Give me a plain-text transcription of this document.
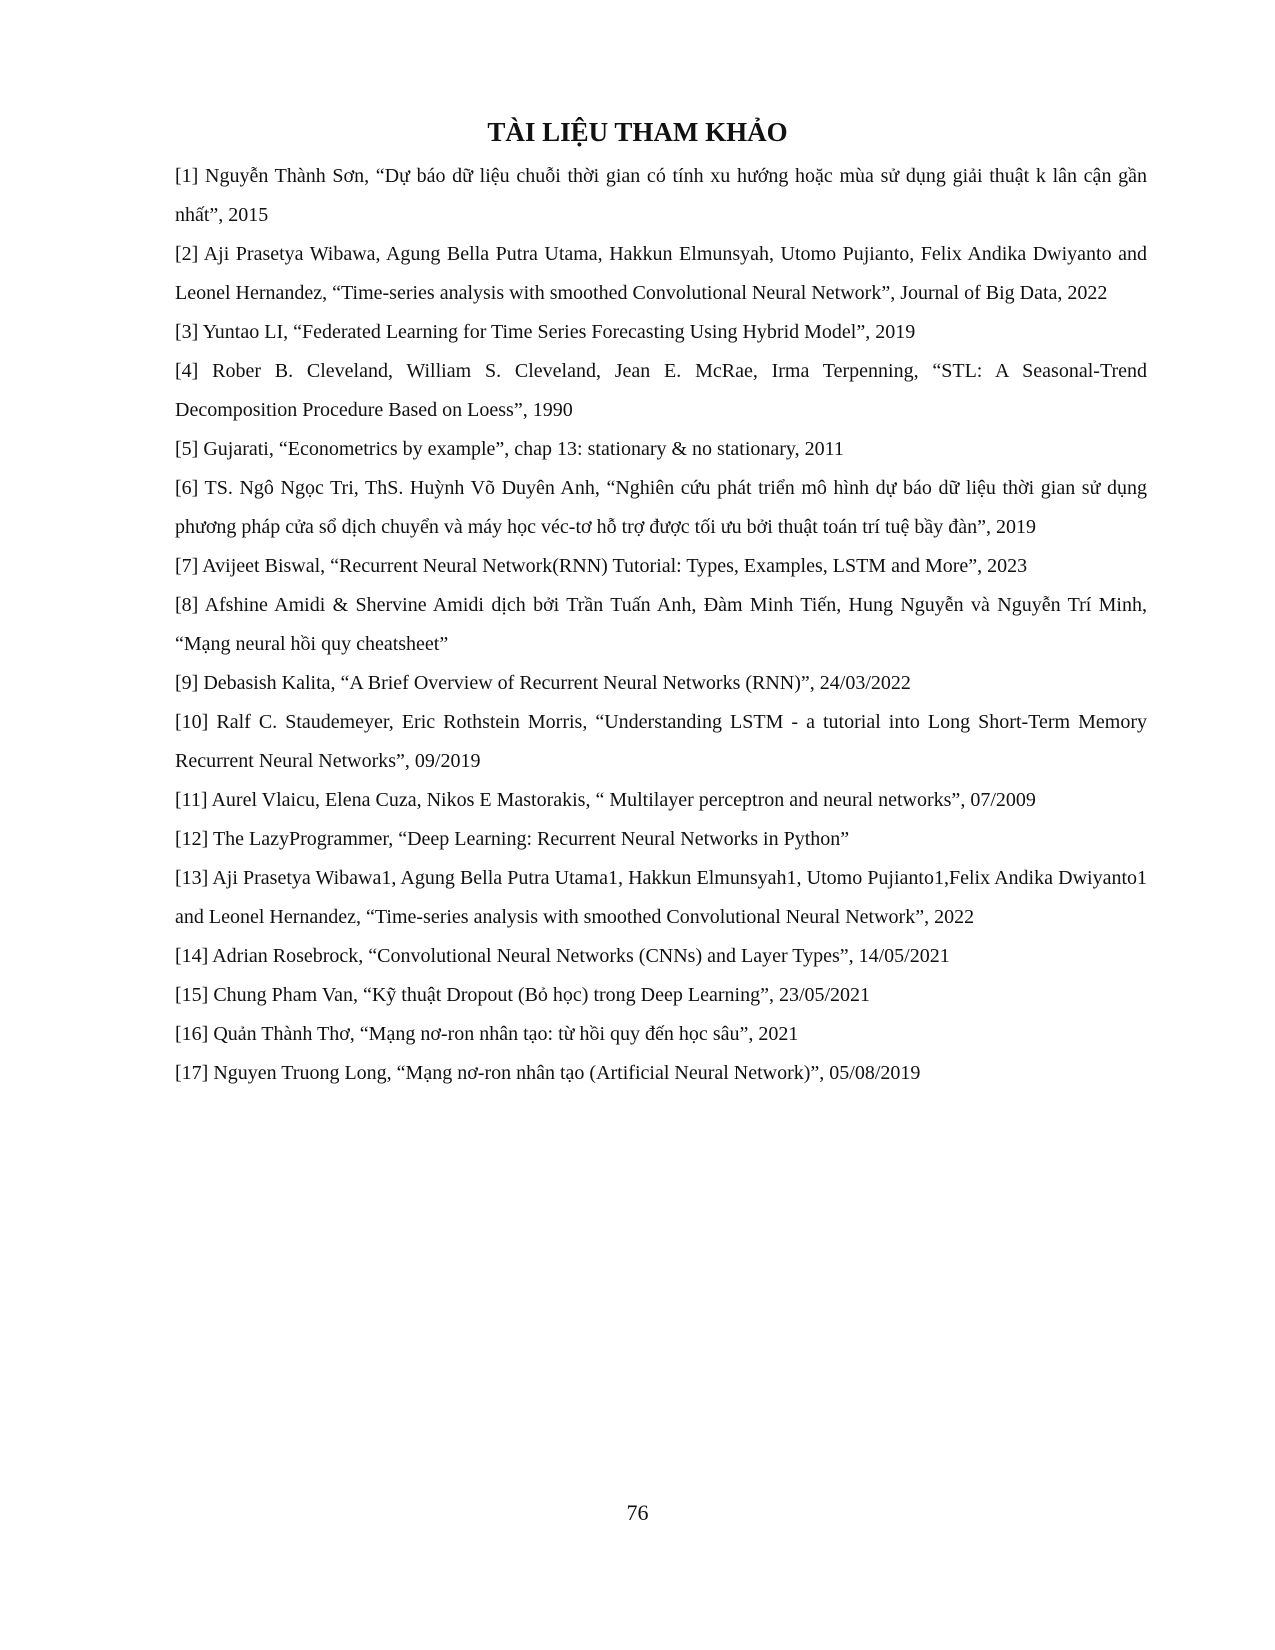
TÀI LIỆU THAM KHẢO

[1] Nguyễn Thành Sơn, “Dự báo dữ liệu chuỗi thời gian có tính xu hướng hoặc mùa sử dụng giải thuật k lân cận gần nhất”, 2015

[2] Aji Prasetya Wibawa, Agung Bella Putra Utama, Hakkun Elmunsyah, Utomo Pujianto, Felix Andika Dwiyanto and Leonel Hernandez, “Time-series analysis with smoothed Convolutional Neural Network”, Journal of Big Data, 2022

[3] Yuntao LI, “Federated Learning for Time Series Forecasting Using Hybrid Model”, 2019

[4] Rober B. Cleveland, William S. Cleveland, Jean E. McRae, Irma Terpenning, “STL: A Seasonal-Trend Decomposition Procedure Based on Loess”, 1990

[5] Gujarati, “Econometrics by example”, chap 13: stationary & no stationary, 2011

[6] TS. Ngô Ngọc Tri, ThS. Huỳnh Võ Duyên Anh, “Nghiên cứu phát triển mô hình dự báo dữ liệu thời gian sử dụng phương pháp cửa sổ dịch chuyển và máy học véc-tơ hỗ trợ được tối ưu bởi thuật toán trí tuệ bầy đàn”, 2019

[7] Avijeet Biswal, “Recurrent Neural Network(RNN) Tutorial: Types, Examples, LSTM and More”, 2023

[8] Afshine Amidi & Shervine Amidi dịch bởi Trần Tuấn Anh, Đàm Minh Tiến, Hung Nguyễn và Nguyễn Trí Minh, “Mạng neural hồi quy cheatsheet”

[9] Debasish Kalita, “A Brief Overview of Recurrent Neural Networks (RNN)”, 24/03/2022

[10] Ralf C. Staudemeyer, Eric Rothstein Morris, “Understanding LSTM - a tutorial into Long Short-Term Memory Recurrent Neural Networks”, 09/2019

[11] Aurel Vlaicu, Elena Cuza, Nikos E Mastorakis, “ Multilayer perceptron and neural networks”, 07/2009

[12] The LazyProgrammer, “Deep Learning: Recurrent Neural Networks in Python”

[13] Aji Prasetya Wibawa1, Agung Bella Putra Utama1, Hakkun Elmunsyah1, Utomo Pujianto1,Felix Andika Dwiyanto1 and Leonel Hernandez, “Time-series analysis with smoothed Convolutional Neural Network”, 2022

[14] Adrian Rosebrock, “Convolutional Neural Networks (CNNs) and Layer Types”, 14/05/2021

[15] Chung Pham Van, “Kỹ thuật Dropout (Bỏ học) trong Deep Learning”, 23/05/2021

[16] Quản Thành Thơ, “Mạng nơ-ron nhân tạo: từ hồi quy đến học sâu”, 2021

[17] Nguyen Truong Long, “Mạng nơ-ron nhân tạo (Artificial Neural Network)”, 05/08/2019

76
